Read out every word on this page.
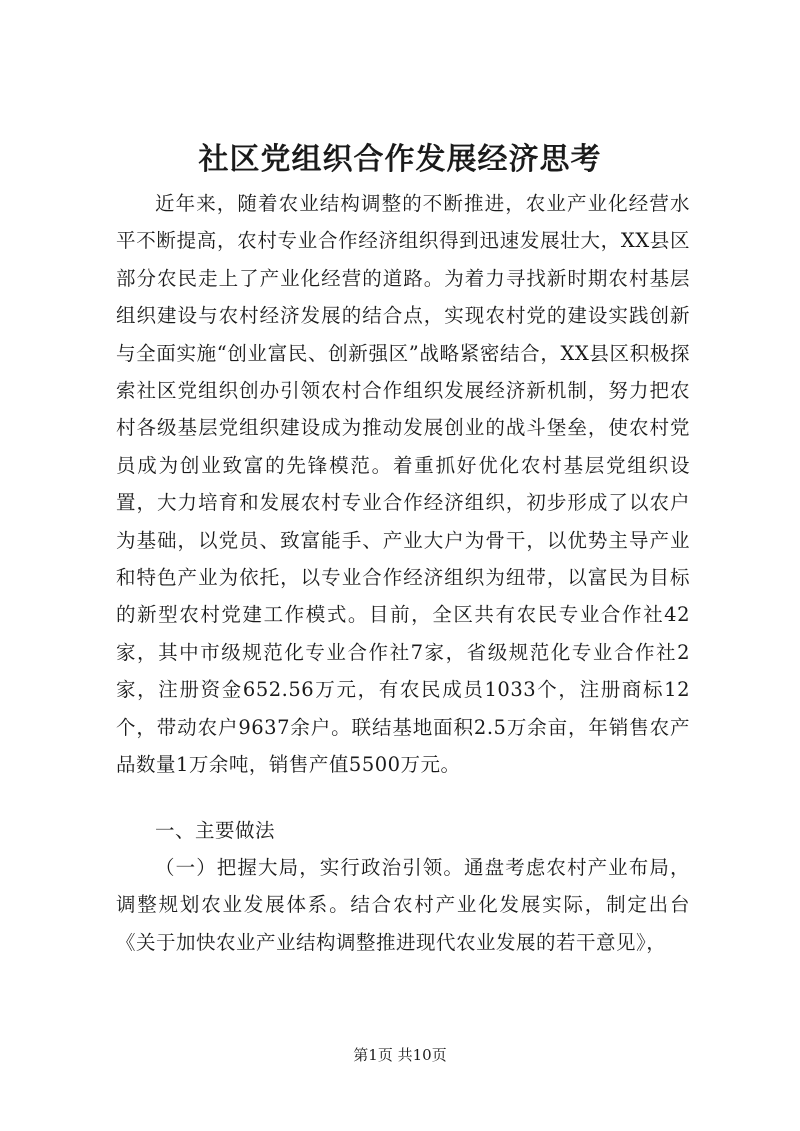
社区党组织合作发展经济思考

近年来，随着农业结构调整的不断推进，农业产业化经营水平不断提高，农村专业合作经济组织得到迅速发展壮大，XX县区部分农民走上了产业化经营的道路。为着力寻找新时期农村基层组织建设与农村经济发展的结合点，实现农村党的建设实践创新与全面实施“创业富民、创新强区”战略紧密结合，XX县区积极探索社区党组织创办引领农村合作组织发展经济新机制，努力把农村各级基层党组织建设成为推动发展创业的战斗堡垒，使农村党员成为创业致富的先锋模范。着重抓好优化农村基层党组织设置，大力培育和发展农村专业合作经济组织，初步形成了以农户为基础，以党员、致富能手、产业大户为骨干，以优势主导产业和特色产业为依托，以专业合作经济组织为纽带，以富民为目标的新型农村党建工作模式。目前，全区共有农民专业合作社42家，其中市级规范化专业合作社7家，省级规范化专业合作社2家，注册资金652.56万元，有农民成员1033个，注册商标12个，带动农户9637余户。联结基地面积2.5万余亩，年销售农产品数量1万余吨，销售产值5500万元。

一、主要做法

（一）把握大局，实行政治引领。通盘考虑农村产业布局，调整规划农业发展体系。结合农村产业化发展实际，制定出台《关于加快农业产业结构调整推进现代农业发展的若干意见》，

第1页 共10页
